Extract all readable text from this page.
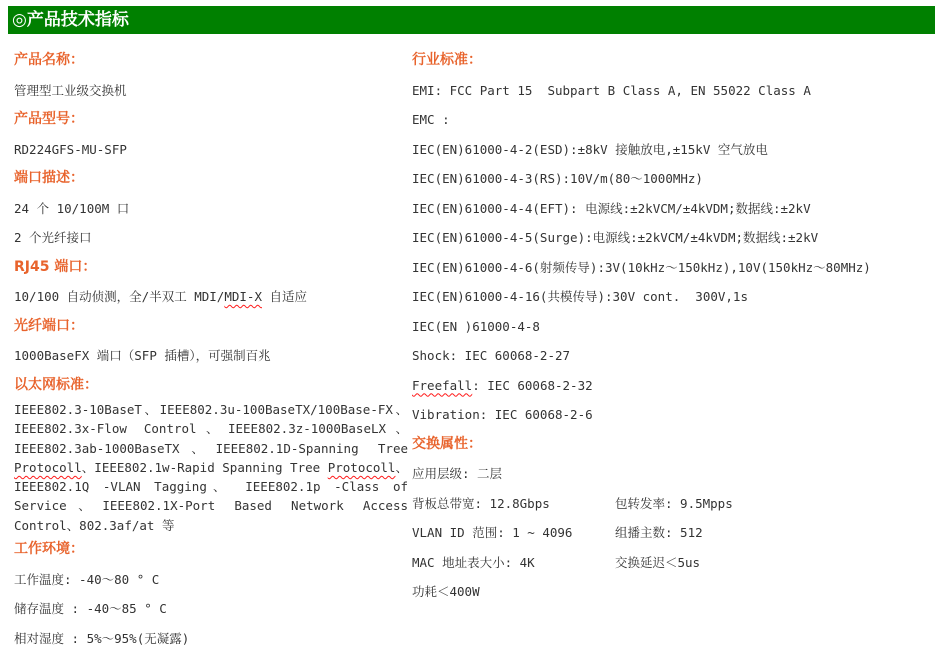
◎产品技术指标
产品名称：
管理型工业级交换机
产品型号：
RD224GFS-MU-SFP
端口描述：
24 个 10/100M 口
2 个光纤接口
RJ45 端口：
10/100 自动侦测，全/半双工 MDI/MDI-X 自适应
光纤端口：
1000BaseFX 端口（SFP 插槽），可强制百兆
以太网标准：

IEEE802.3-10BaseT、IEEE802.3u-100BaseTX/100Base-FX、IEEE802.3x-Flow Control、IEEE802.3z-1000BaseLX、IEEE802.3ab-1000BaseTX、IEEE802.1D-Spanning Tree Protocoll、IEEE802.1w-Rapid Spanning Tree Protocoll、IEEE802.1Q -VLAN Tagging、 IEEE802.1p -Class of Service、IEEE802.1X-Port Based Network Access Control、802.3af/at 等

工作环境：
工作温度: -40～80 ° C
储存温度 : -40～85 ° C
相对湿度 : 5%～95%(无凝露)
行业标准：
EMI: FCC Part 15  Subpart B Class A, EN 55022 Class A
EMC :
IEC(EN)61000-4-2(ESD):±8kV 接触放电,±15kV 空气放电
IEC(EN)61000-4-3(RS):10V/m(80～1000MHz)
IEC(EN)61000-4-4(EFT): 电源线:±2kVCM/±4kVDM;数据线:±2kV
IEC(EN)61000-4-5(Surge):电源线:±2kVCM/±4kVDM;数据线:±2kV
IEC(EN)61000-4-6(射频传导):3V(10kHz～150kHz),10V(150kHz～80MHz)
IEC(EN)61000-4-16(共模传导):30V cont.  300V,1s
IEC(EN )61000-4-8
Shock: IEC 60068-2-27
Freefall: IEC 60068-2-32
Vibration: IEC 60068-2-6
交换属性：
应用层级: 二层
背板总带宽: 12.8Gbps	包转发率: 9.5Mpps
VLAN ID 范围: 1 ~ 4096	组播主数: 512
MAC 地址表大小: 4K	交换延迟＜5us
功耗＜400W
